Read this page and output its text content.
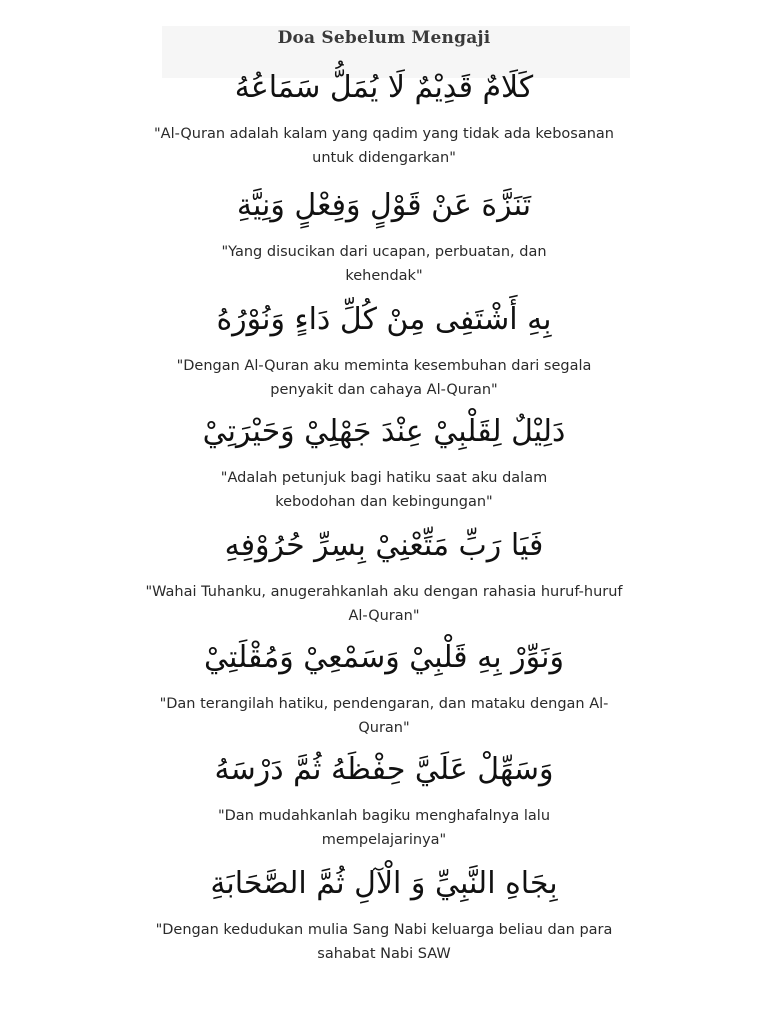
Doa Sebelum Mengaji
كَلَامٌ قَدِيْمٌ لَا يُمَلُّ سَمَاعُهُ
"Al-Quran adalah kalam yang qadim yang tidak ada kebosanan untuk didengarkan"
تَنَزَّهَ عَنْ قَوْلٍ وَفِعْلٍ وَنِيَّةِ
"Yang disucikan dari ucapan, perbuatan, dan kehendak"
بِهِ أَشْتَفِى مِنْ كُلِّ دَاءٍ وَنُوْرُهُ
"Dengan Al-Quran aku meminta kesembuhan dari segala penyakit dan cahaya Al-Quran"
دَلِيْلٌ لِقَلْبِيْ عِنْدَ جَهْلِيْ وَحَيْرَتِيْ
"Adalah petunjuk bagi hatiku saat aku dalam kebodohan dan kebingungan"
فَيَا رَبِّ مَتِّعْنِيْ بِسِرِّ حُرُوْفِهِ
"Wahai Tuhanku, anugerahkanlah aku dengan rahasia huruf-huruf Al-Quran"
وَنَوِّرْ بِهِ قَلْبِيْ وَسَمْعِيْ وَمُقْلَتِيْ
"Dan terangilah hatiku, pendengaran, dan mataku dengan Al-Quran"
وَسَهِّلْ عَلَيَّ حِفْظَهُ ثُمَّ دَرْسَهُ
"Dan mudahkanlah bagiku menghafalnya lalu mempelajarinya"
بِجَاهِ النَّبِيِّ وَ الْآلِ ثُمَّ الصَّحَابَةِ
"Dengan kedudukan mulia Sang Nabi keluarga beliau dan para sahabat Nabi SAW
